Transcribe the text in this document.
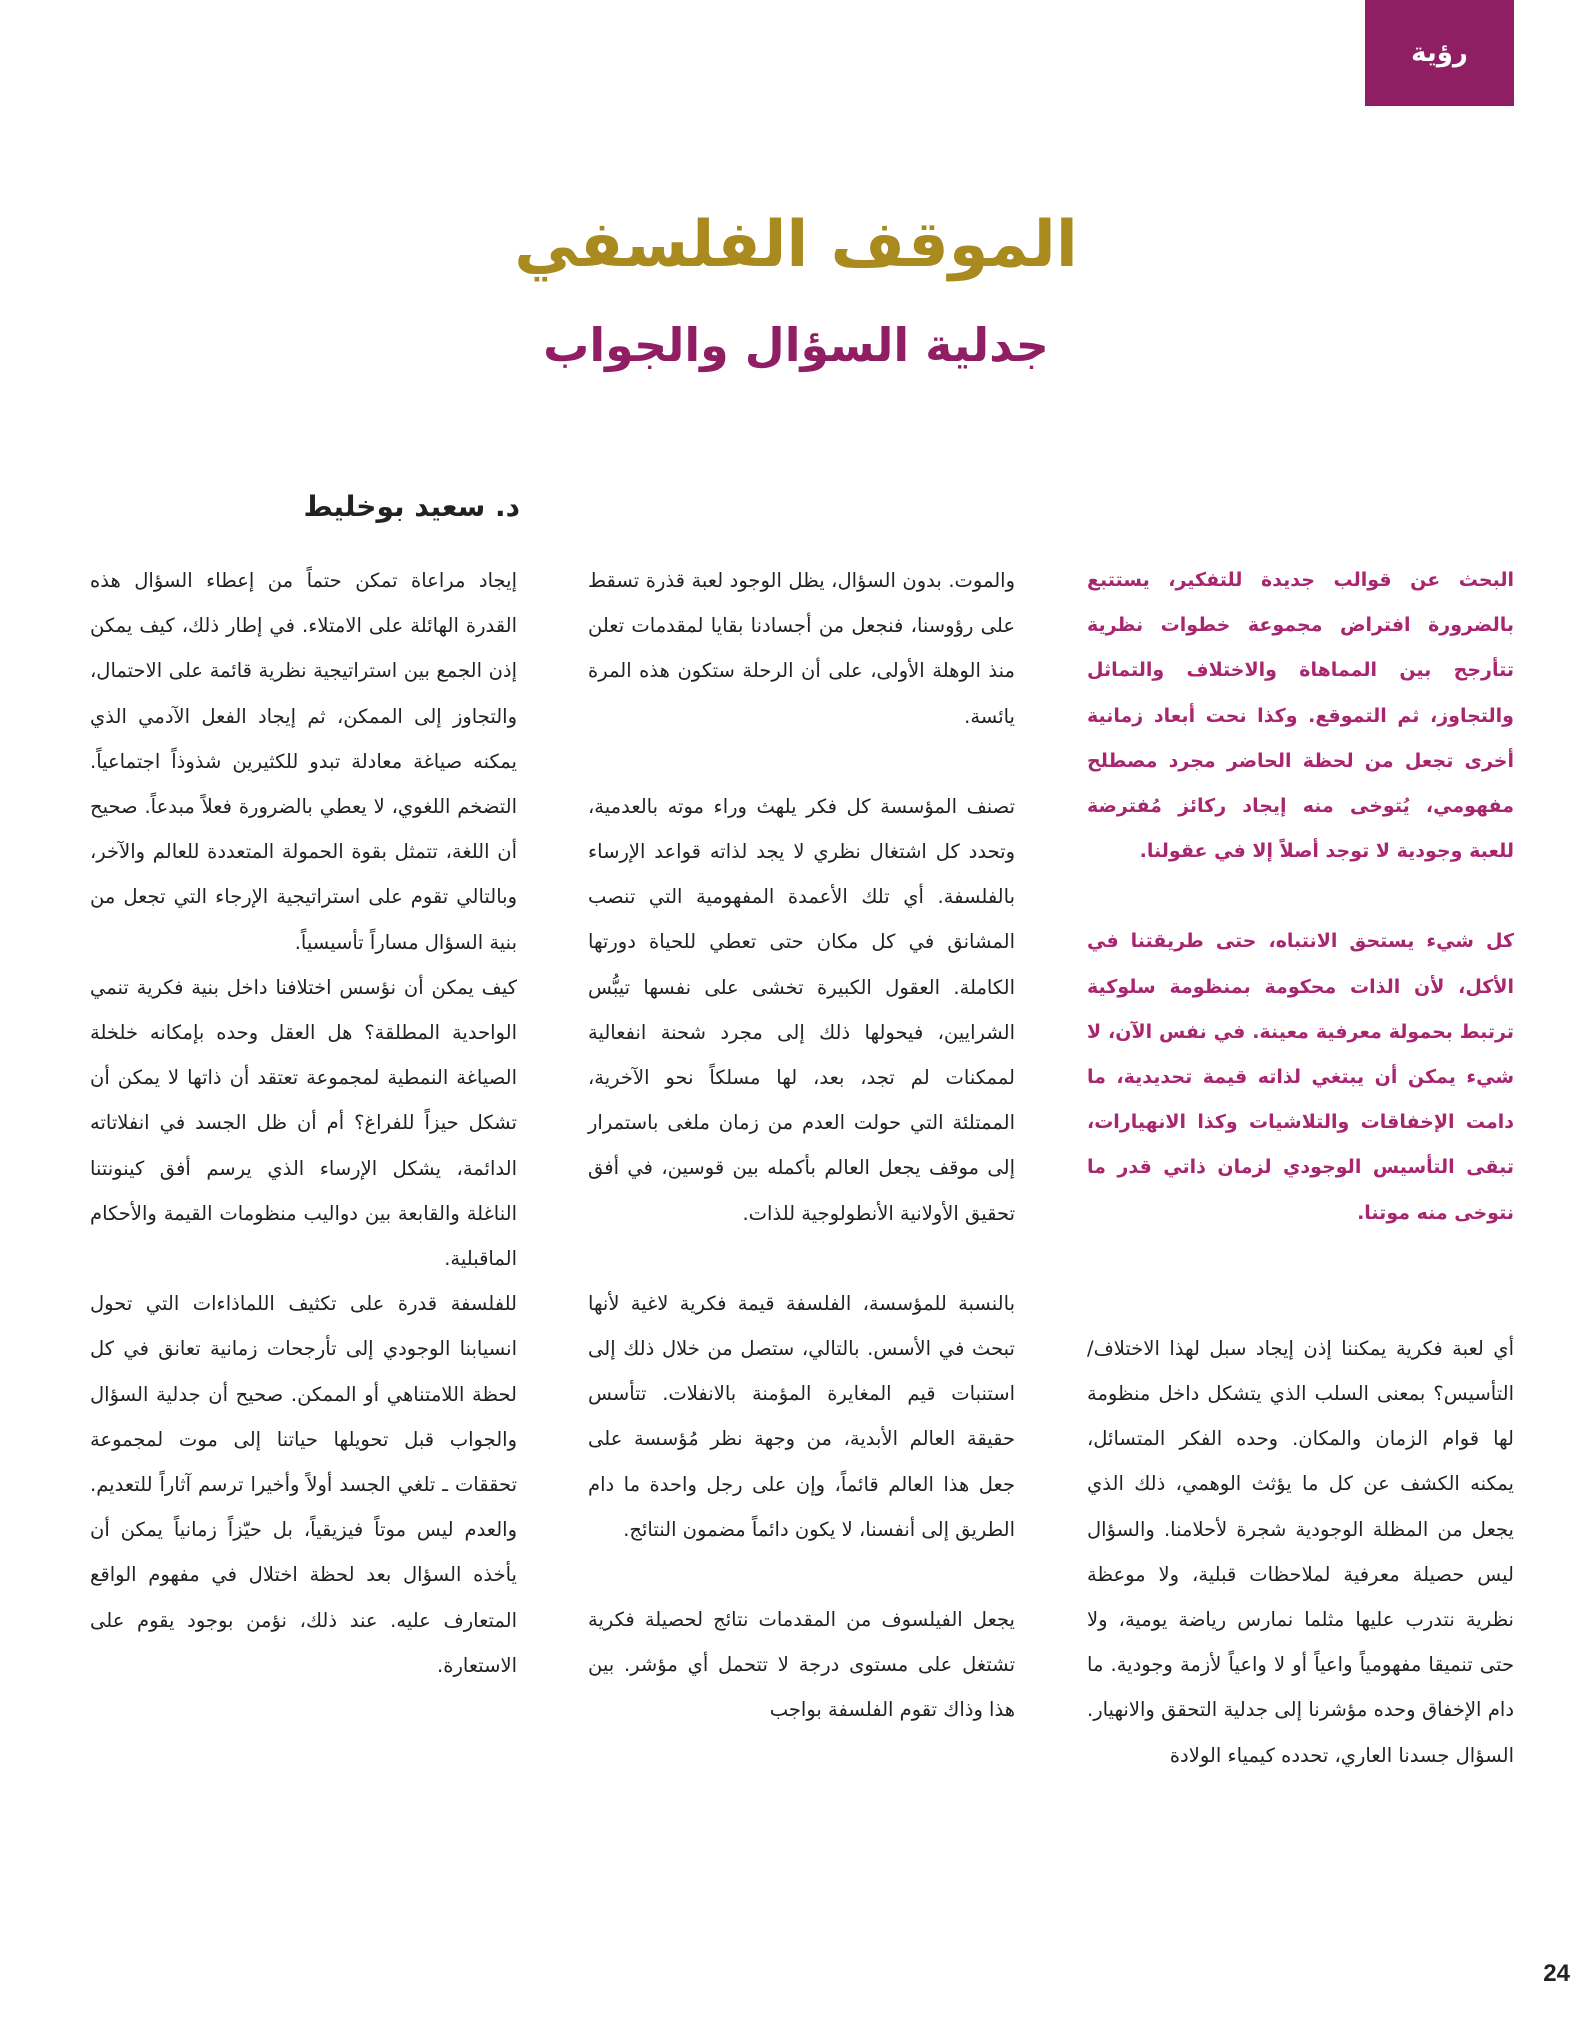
رؤية
الموقف الفلسفي
جدلية السؤال والجواب
د. سعيد بوخليط

البحث عن قوالب جديدة للتفكير، يستتبع بالضرورة افتراض مجموعة خطوات نظرية تتأرجح بين المماهاة والاختلاف والتماثل والتجاوز، ثم التموقع. وكذا نحت أبعاد زمانية أخرى تجعل من لحظة الحاضر مجرد مصطلح مفهومي، يُتوخى منه إيجاد ركائز مُفترضة للعبة وجودية لا توجد أصلاً إلا في عقولنا.

كل شيء يستحق الانتباه، حتى طريقتنا في الأكل، لأن الذات محكومة بمنظومة سلوكية ترتبط بحمولة معرفية معينة. في نفس الآن، لا شيء يمكن أن يبتغي لذاته قيمة تحديدية، ما دامت الإخفاقات والتلاشيات وكذا الانهيارات، تبقى التأسيس الوجودي لزمان ذاتي قدر ما نتوخى منه موتنا.

أي لعبة فكرية يمكننا إذن إيجاد سبل لهذا الاختلاف/التأسيس؟ بمعنى السلب الذي يتشكل داخل منظومة لها قوام الزمان والمكان. وحده الفكر المتسائل، يمكنه الكشف عن كل ما يؤثث الوهمي، ذلك الذي يجعل من المظلة الوجودية شجرة لأحلامنا. والسؤال ليس حصيلة معرفية لملاحظات قبلية، ولا موعظة نظرية نتدرب عليها مثلما نمارس رياضة يومية، ولا حتى تنميقا مفهومياً واعياً أو لا واعياً لأزمة وجودية. ما دام الإخفاق وحده مؤشرنا إلى جدلية التحقق والانهيار. السؤال جسدنا العاري، تحدده كيمياء الولادة

والموت. بدون السؤال، يظل الوجود لعبة قذرة تسقط على رؤوسنا، فنجعل من أجسادنا بقايا لمقدمات تعلن منذ الوهلة الأولى، على أن الرحلة ستكون هذه المرة يائسة.

تصنف المؤسسة كل فكر يلهث وراء موته بالعدمية، وتحدد كل اشتغال نظري لا يجد لذاته قواعد الإرساء بالفلسفة. أي تلك الأعمدة المفهومية التي تنصب المشانق في كل مكان حتى تعطي للحياة دورتها الكاملة. العقول الكبيرة تخشى على نفسها تيبُّس الشرايين، فيحولها ذلك إلى مجرد شحنة انفعالية لممكنات لم تجد، بعد، لها مسلكاً نحو الآخرية، الممتلئة التي حولت العدم من زمان ملغى باستمرار إلى موقف يجعل العالم بأكمله بين قوسين، في أفق تحقيق الأولانية الأنطولوجية للذات.

بالنسبة للمؤسسة، الفلسفة قيمة فكرية لاغية لأنها تبحث في الأسس. بالتالي، ستصل من خلال ذلك إلى استنبات قيم المغايرة المؤمنة بالانفلات. تتأسس حقيقة العالم الأبدية، من وجهة نظر مُؤسسة على جعل هذا العالم قائماً، وإن على رجل واحدة ما دام الطريق إلى أنفسنا، لا يكون دائماً مضمون النتائج.

يجعل الفيلسوف من المقدمات نتائج لحصيلة فكرية تشتغل على مستوى درجة لا تتحمل أي مؤشر. بين هذا وذاك تقوم الفلسفة بواجب

إيجاد مراعاة تمكن حتماً من إعطاء السؤال هذه القدرة الهائلة على الامتلاء. في إطار ذلك، كيف يمكن إذن الجمع بين استراتيجية نظرية قائمة على الاحتمال، والتجاوز إلى الممكن، ثم إيجاد الفعل الآدمي الذي يمكنه صياغة معادلة تبدو للكثيرين شذوذاً اجتماعياً. التضخم اللغوي، لا يعطي بالضرورة فعلاً مبدعاً. صحيح أن اللغة، تتمثل بقوة الحمولة المتعددة للعالم والآخر، وبالتالي تقوم على استراتيجية الإرجاء التي تجعل من بنية السؤال مساراً تأسيسياً.

كيف يمكن أن نؤسس اختلافنا داخل بنية فكرية تنمي الواحدية المطلقة؟ هل العقل وحده بإمكانه خلخلة الصياغة النمطية لمجموعة تعتقد أن ذاتها لا يمكن أن تشكل حيزاً للفراغ؟ أم أن ظل الجسد في انفلاتاته الدائمة، يشكل الإرساء الذي يرسم أفق كينونتنا الناغلة والقابعة بين دواليب منظومات القيمة والأحكام الماقبلية.

للفلسفة قدرة على تكثيف اللماذاءات التي تحول انسيابنا الوجودي إلى تأرجحات زمانية تعانق في كل لحظة اللامتناهي أو الممكن. صحيح أن جدلية السؤال والجواب قبل تحويلها حياتنا إلى موت لمجموعة تحققات ـ تلغي الجسد أولاً وأخيرا ترسم آثاراً للتعديم. والعدم ليس موتاً فيزيقياً، بل حيّزاً زمانياً يمكن أن يأخذه السؤال بعد لحظة اختلال في مفهوم الواقع المتعارف عليه. عند ذلك، نؤمن بوجود يقوم على الاستعارة.

24
